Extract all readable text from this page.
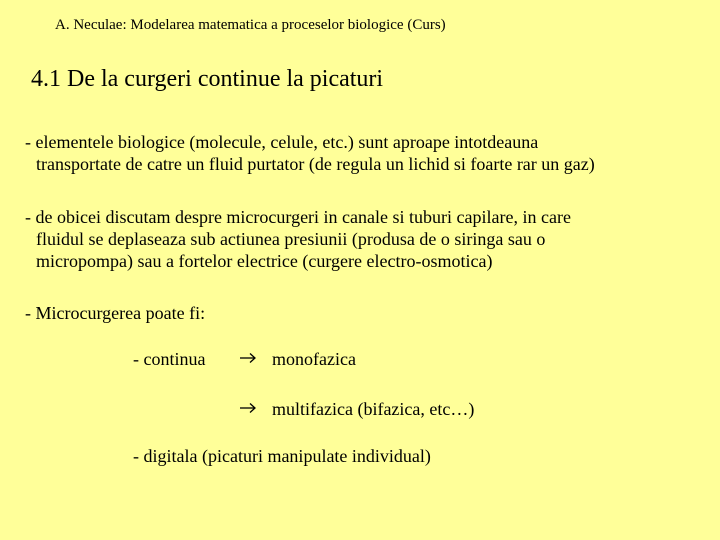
A. Neculae: Modelarea matematica a proceselor biologice (Curs)
4.1 De la curgeri continue la picaturi
- elementele biologice (molecule, celule, etc.) sunt aproape intotdeauna
transportate de catre un fluid purtator (de regula un lichid si foarte rar un gaz)
- de obicei discutam despre microcurgeri in canale si tuburi capilare, in care
fluidul se deplaseaza sub actiunea presiunii (produsa de o siringa sau o
micropompa) sau a fortelor electrice (curgere electro-osmotica)
- Microcurgerea poate fi:
- continua	monofazica
multifazica (bifazica, etc…)
- digitala (picaturi manipulate individual)
